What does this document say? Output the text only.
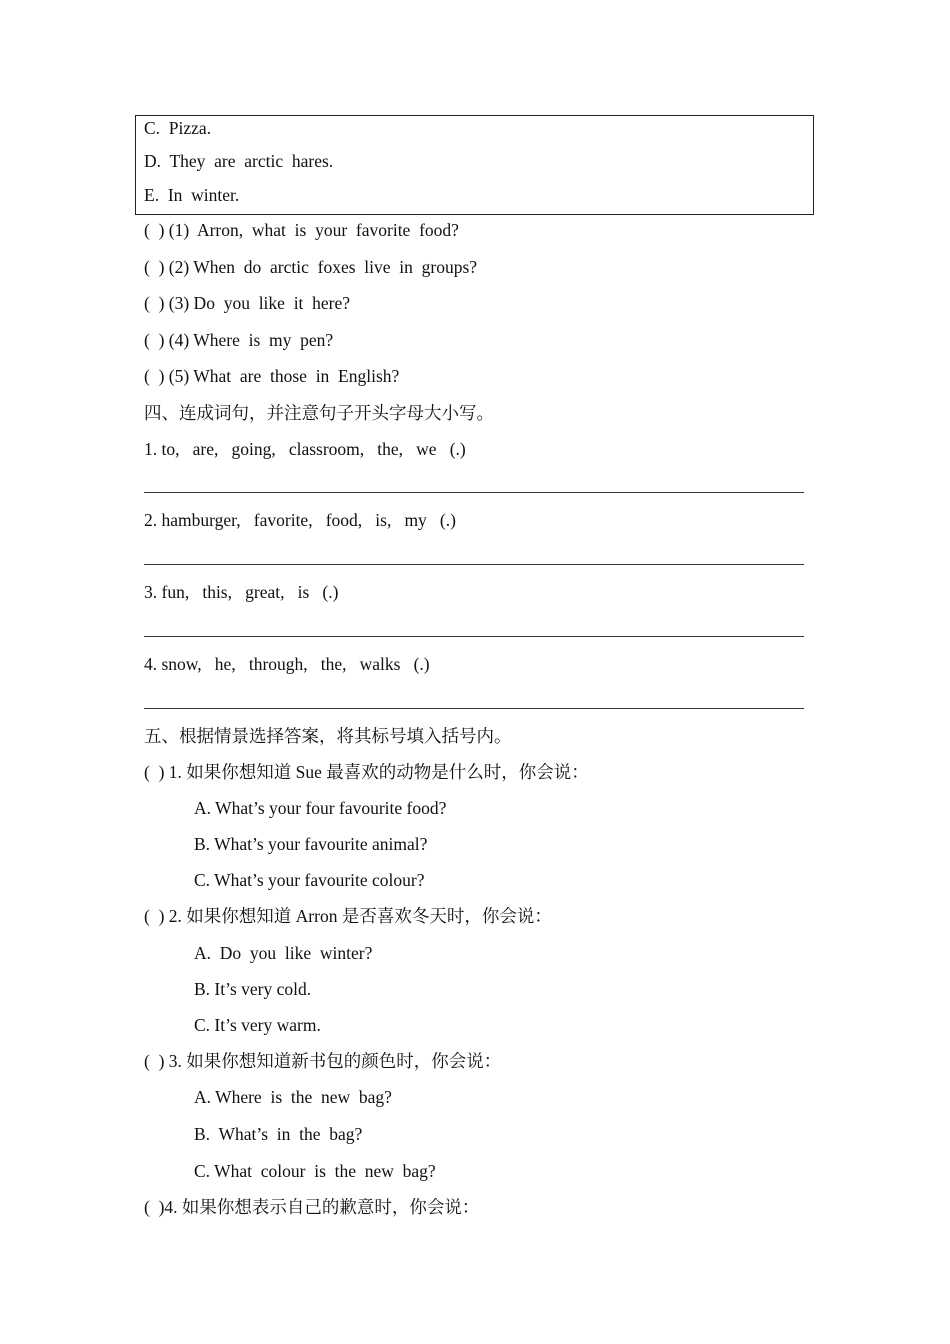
C.  Pizza.
D.  They  are  arctic  hares.
E.  In  winter.
(  ) (1)  Arron,  what  is  your  favorite  food?
(  ) (2) When  do  arctic  foxes  live  in  groups?
(  ) (3) Do  you  like  it  here?
(  ) (4) Where  is  my  pen?
(  ) (5) What  are  those  in  English?
四、连成词句，并注意句子开头字母大小写。
1. to,   are,   going,   classroom,   the,   we   (.)
2. hamburger,   favorite,   food,   is,   my   (.)
3. fun,   this,   great,   is   (.)
4. snow,   he,   through,   the,   walks   (.)
五、根据情景选择答案，将其标号填入括号内。
(  ) 1. 如果你想知道 Sue 最喜欢的动物是什么时，你会说：
A. What’s your four favourite food?
B. What’s your favourite animal?
C. What’s your favourite colour?
(  ) 2. 如果你想知道 Arron 是否喜欢冬天时，你会说：
A.  Do  you  like  winter?
B. It’s very cold.
C. It’s very warm.
(  ) 3. 如果你想知道新书包的颜色时，你会说：
A. Where  is  the  new  bag?
B.  What’s  in  the  bag?
C. What  colour  is  the  new  bag?
(  )4. 如果你想表示自己的歉意时，你会说：
